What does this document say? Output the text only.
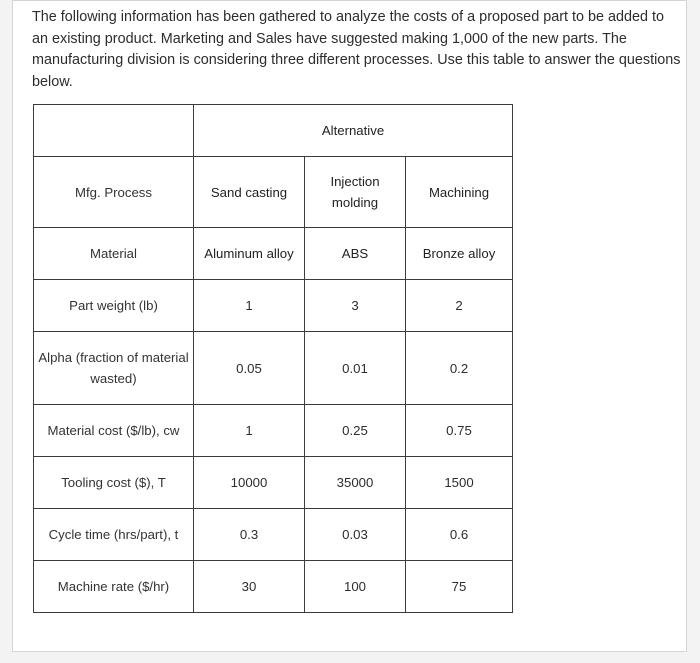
The following information has been gathered to analyze the costs of a proposed part to be added to an existing product. Marketing and Sales have suggested making 1,000 of the new parts. The manufacturing division is considering three different processes. Use this table to answer the questions below.

	Alternative		
Mfg. Process	Sand casting	Injection molding	Machining
Material	Aluminum alloy	ABS	Bronze alloy
Part weight (lb)	1	3	2
Alpha (fraction of material wasted)	0.05	0.01	0.2
Material cost ($/lb), cw	1	0.25	0.75
Tooling cost ($), T	10000	35000	1500
Cycle time (hrs/part), t	0.3	0.03	0.6
Machine rate ($/hr)	30	100	75
